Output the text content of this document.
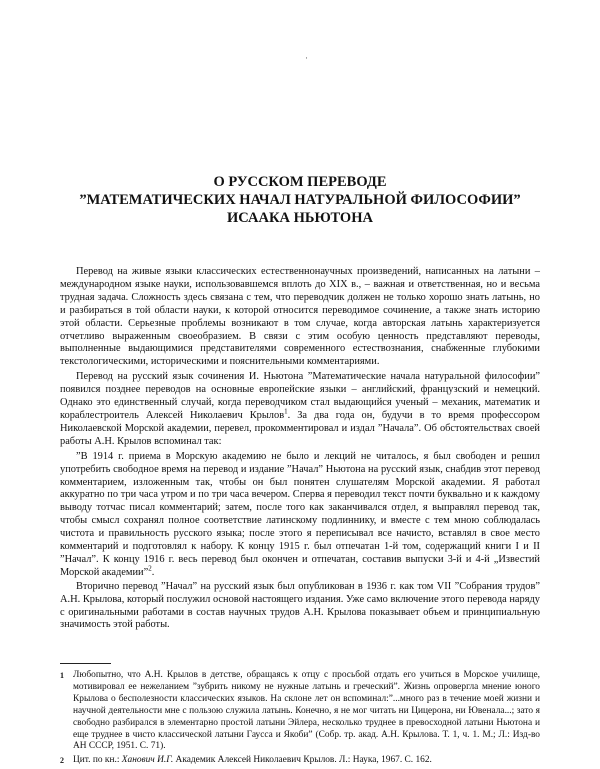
·
О РУССКОМ ПЕРЕВОДЕ
”МАТЕМАТИЧЕСКИХ НАЧАЛ НАТУРАЛЬНОЙ ФИЛОСОФИИ”
ИСААКА НЬЮТОНА

Перевод на живые языки классических естественнонаучных произведений, написанных на латыни – международном языке науки, использовавшемся вплоть до XIX в., – важная и ответственная, но и весьма трудная задача. Сложность здесь связана с тем, что переводчик должен не только хорошо знать латынь, но и разбираться в той области науки, к которой относится переводимое сочинение, а также знать историю этой области. Серьезные проблемы возникают в том случае, когда авторская латынь характеризуется отчетливо выраженным своеобразием. В связи с этим особую ценность представляют переводы, выполненные выдающимися представителями современного естествознания, снабженные глубокими текстологическими, историческими и пояснительными комментариями.

Перевод на русский язык сочинения И. Ньютона ”Математические начала натуральной философии” появился позднее переводов на основные европейские языки – английский, французский и немецкий. Однако это единственный случай, когда переводчиком стал выдающийся ученый – механик, математик и кораблестроитель Алексей Николаевич Крылов$^1$. За два года он, будучи в то время профессором Николаевской Морской академии, перевел, прокомментировал и издал ”Начала”. Об обстоятельствах своей работы А.Н. Крылов вспоминал так:

”В 1914 г. приема в Морскую академию не было и лекций не читалось, я был свободен и решил употребить свободное время на перевод и издание ”Начал” Ньютона на русский язык, снабдив этот перевод комментарием, изложенным так, чтобы он был понятен слушателям Морской академии. Я работал аккуратно по три часа утром и по три часа вечером. Сперва я переводил текст почти буквально и к каждому выводу тотчас писал комментарий; затем, после того как заканчивался отдел, я выправлял перевод так, чтобы смысл сохранял полное соответствие латинскому подлиннику, и вместе с тем мною соблюдалась чистота и правильность русского языка; после этого я переписывал все начисто, вставлял в свое место комментарий и подготовлял к набору. К концу 1915 г. был отпечатан 1-й том, содержащий книги I и II ”Начал”. К концу 1916 г. весь перевод был окончен и отпечатан, составив выпуски 3-й и 4-й „Известий Морской академии”$^2$.

Вторично перевод ”Начал” на русский язык был опубликован в 1936 г. как том VII ”Собрания трудов” А.Н. Крылова, который послужил основой настоящего издания. Уже само включение этого перевода наряду с оригинальными работами в состав научных трудов А.Н. Крылова показывает объем и принципиальную значимость этой работы.

1 Любопытно, что А.Н. Крылов в детстве, обращаясь к отцу с просьбой отдать его учиться в Морское училище, мотивировал ее нежеланием ”зубрить никому не нужные латынь и греческий”. Жизнь опровергла мнение юного Крылова о бесполезности классических языков. На склоне лет он вспоминал:”...много раз в течение моей жизни и научной деятельности мне с пользою служила латынь. Конечно, я не мог читать ни Цицерона, ни Ювенала...; зато я свободно разбирался в элементарно простой латыни Эйлера, несколько труднее в превосходной латыни Ньютона и еще труднее в чисто классической латыни Гаусса и Якоби” (Собр. тр. акад. А.Н. Крылова. Т. 1, ч. 1. М.; Л.: Изд-во АН СССР, 1951. С. 71).
2 Цит. по кн.: Ханович И.Г. Академик Алексей Николаевич Крылов. Л.: Наука, 1967. С. 162.
